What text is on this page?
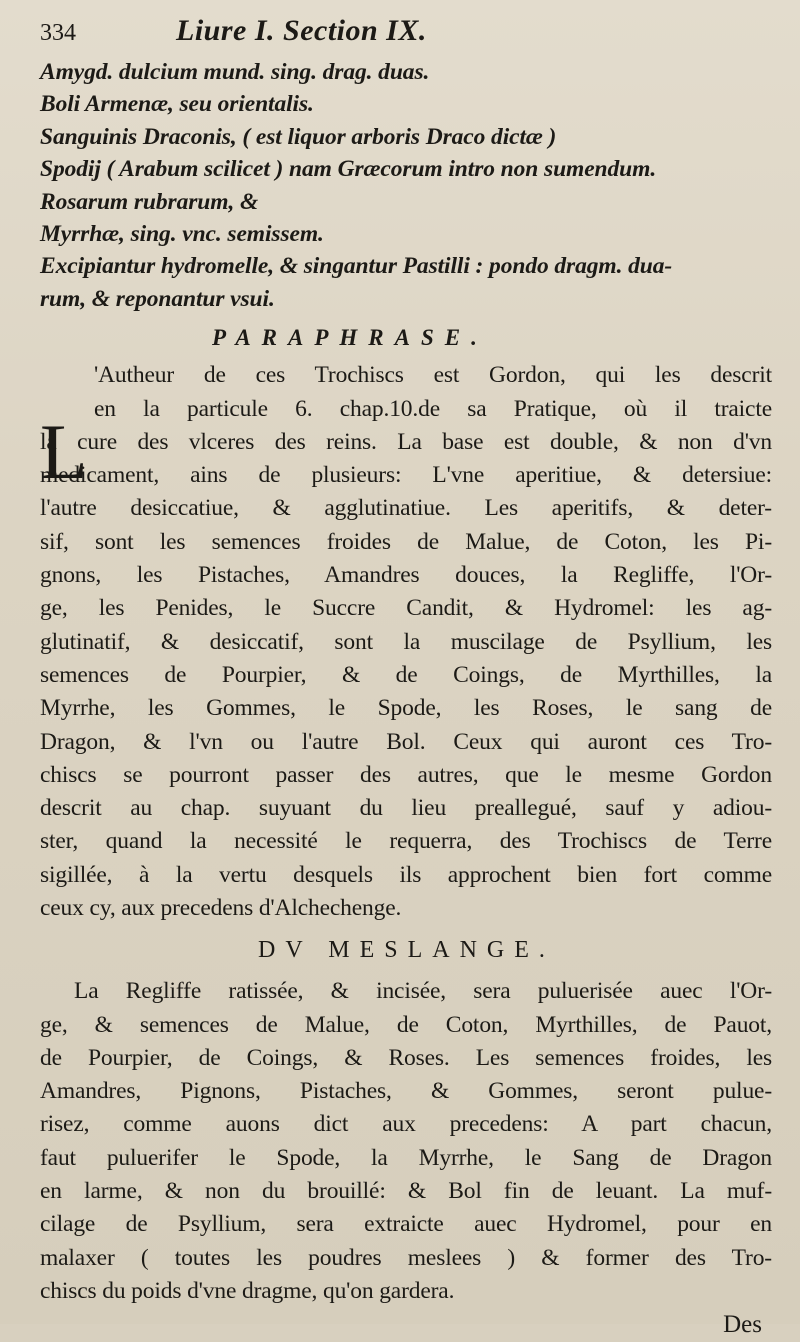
334	Liure I. Section IX.
Amygd. dulcium mund. sing. drag. duas.
Boli Armenæ, seu orientalis.
Sanguinis Draconis, ( est liquor arboris Draco dictæ )
Spodij ( Arabum scilicet ) nam Græcorum intro non sumendum.
Rosarum rubrarum, &
Myrrhæ, sing. vnc. semissem.
Excipiantur hydromelle, & singantur Pastilli : pondo dragm. dua-
rum, & reponantur vsui.
PARAPHRASE.
'Autheur de ces Trochiscs est Gordon, qui les descrit
en la particule 6. chap.10.de sa Pratique, où il traicte
la cure des vlceres des reins. La base est double, & non d'vn
medicament, ains de plusieurs: L'vne aperitiue, & detersiue:
l'autre desiccatiue, & agglutinatiue. Les aperitifs, & deter-
sif, sont les semences froides de Malue, de Coton, les Pi-
gnons, les Pistaches, Amandres douces, la Regliffe, l'Or-
ge, les Penides, le Succre Candit, & Hydromel: les ag-
glutinatif, & desiccatif, sont la muscilage de Psyllium, les
semences de Pourpier, & de Coings, de Myrthilles, la
Myrrhe, les Gommes, le Spode, les Roses, le sang de
Dragon, & l'vn ou l'autre Bol. Ceux qui auront ces Tro-
chiscs se pourront passer des autres, que le mesme Gordon
descrit au chap. suyuant du lieu preallegué, sauf y adiou-
ster, quand la necessité le requerra, des Trochiscs de Terre
sigillée, à la vertu desquels ils approchent bien fort comme
ceux cy, aux precedens d'Alchechenge.
DV MESLANGE.
La Regliffe ratissée, & incisée, sera puluerisée auec l'Or-
ge, & semences de Malue, de Coton, Myrthilles, de Pauot,
de Pourpier, de Coings, & Roses. Les semences froides, les
Amandres, Pignons, Pistaches, & Gommes, seront pulue-
risez, comme auons dict aux precedens: A part chacun,
faut puluerifer le Spode, la Myrrhe, le Sang de Dragon
en larme, & non du brouillé: & Bol fin de leuant. La muf-
cilage de Psyllium, sera extraicte auec Hydromel, pour en
malaxer ( toutes les poudres meslees ) & former des Tro-
chiscs du poids d'vne dragme, qu'on gardera.
Des
L
